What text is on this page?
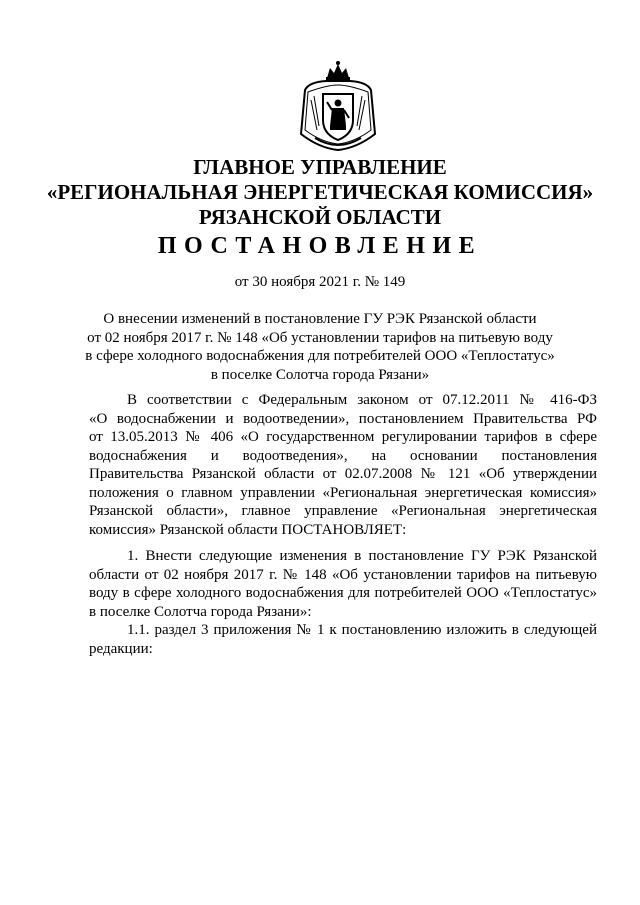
ГЛАВНОЕ УПРАВЛЕНИЕ
«РЕГИОНАЛЬНАЯ ЭНЕРГЕТИЧЕСКАЯ КОМИССИЯ»
РЯЗАНСКОЙ ОБЛАСТИ
ПОСТАНОВЛЕНИЕ
от 30 ноября 2021 г. № 149
О внесении изменений в постановление ГУ РЭК Рязанской области
от 02 ноября 2017 г. № 148 «Об установлении тарифов на питьевую воду
в сфере холодного водоснабжения для потребителей ООО «Теплостатус»
в поселке Солотча города Рязани»
В соответствии с Федеральным законом от 07.12.2011 № 416-ФЗ
«О водоснабжении и водоотведении», постановлением Правительства РФ
от 13.05.2013 № 406 «О государственном регулировании тарифов в сфере
водоснабжения и водоотведения», на основании постановления
Правительства Рязанской области от 02.07.2008 № 121 «Об утверждении
положения о главном управлении «Региональная энергетическая комиссия»
Рязанской области», главное управление «Региональная энергетическая
комиссия» Рязанской области ПОСТАНОВЛЯЕТ:
1. Внести следующие изменения в постановление ГУ РЭК Рязанской
области от 02 ноября 2017 г. № 148 «Об установлении тарифов на питьевую
воду в сфере холодного водоснабжения для потребителей ООО «Теплостатус»
в поселке Солотча города Рязани»:
1.1. раздел 3 приложения № 1 к постановлению изложить в следующей
редакции:
